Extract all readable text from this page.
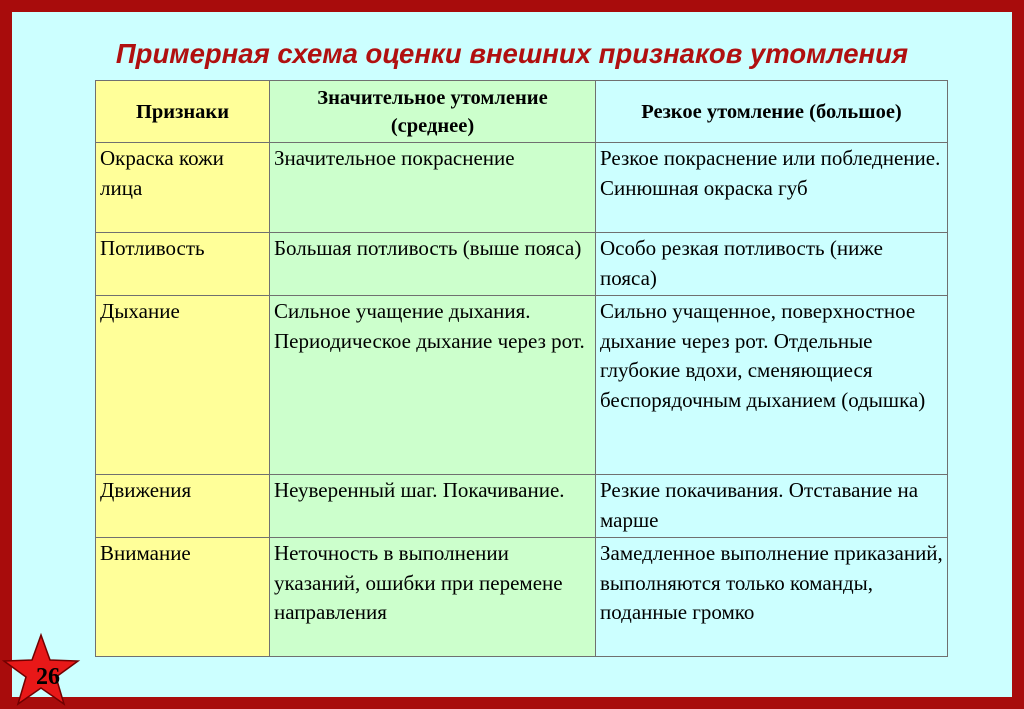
Примерная схема оценки внешних признаков утомления
Признаки	Значительное утомление (среднее)	Резкое утомление (большое)
Окраска кожи лица	Значительное покраснение	Резкое покраснение или побледнение. Синюшная окраска губ
Потливость	Большая потливость (выше пояса)	Особо резкая потливость (ниже пояса)
Дыхание	Сильное учащение дыхания. Периодическое дыхание через рот.	Сильно учащенное, поверхностное дыхание через рот. Отдельные глубокие вдохи, сменяющиеся беспорядочным дыханием (одышка)
Движения	Неуверенный шаг. Покачивание.	Резкие покачивания. Отставание на марше
Внимание	Неточность в выполнении указаний, ошибки при перемене направления	Замедленное выполнение приказаний, выполняются только команды, поданные громко
26
